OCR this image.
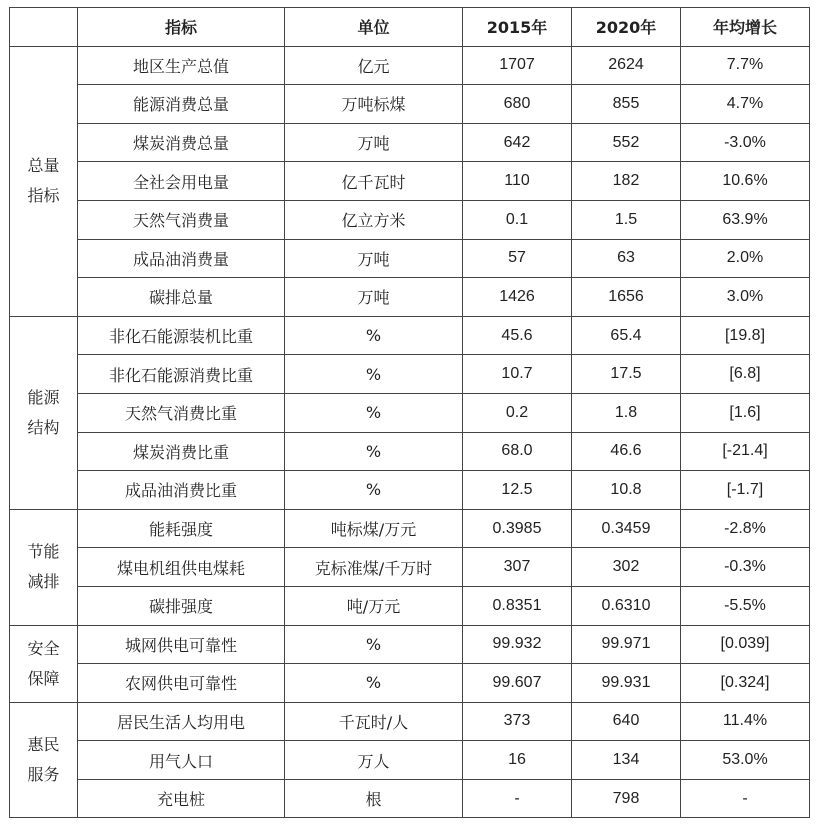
	指标	单位	2015年	2020年	年均增长

总量
指标	地区生产总值	亿元	1707	2624	7.7%
	能源消费总量	万吨标煤	680	855	4.7%
	煤炭消费总量	万吨	642	552	-3.0%
	全社会用电量	亿千瓦时	110	182	10.6%
	天然气消费量	亿立方米	0.1	1.5	63.9%
	成品油消费量	万吨	57	63	2.0%
	碳排总量	万吨	1426	1656	3.0%

能源
结构	非化石能源装机比重	%	45.6	65.4	[19.8]
	非化石能源消费比重	%	10.7	17.5	[6.8]
	天然气消费比重	%	0.2	1.8	[1.6]
	煤炭消费比重	%	68.0	46.6	[-21.4]
	成品油消费比重	%	12.5	10.8	[-1.7]

节能
减排	能耗强度	吨标煤/万元	0.3985	0.3459	-2.8%
	煤电机组供电煤耗	克标准煤/千万时	307	302	-0.3%
	碳排强度	吨/万元	0.8351	0.6310	-5.5%

安全
保障	城网供电可靠性	%	99.932	99.971	[0.039]
	农网供电可靠性	%	99.607	99.931	[0.324]

惠民
服务	居民生活人均用电	千瓦时/人	373	640	11.4%
	用气人口	万人	16	134	53.0%
	充电桩	根	-	798	-
